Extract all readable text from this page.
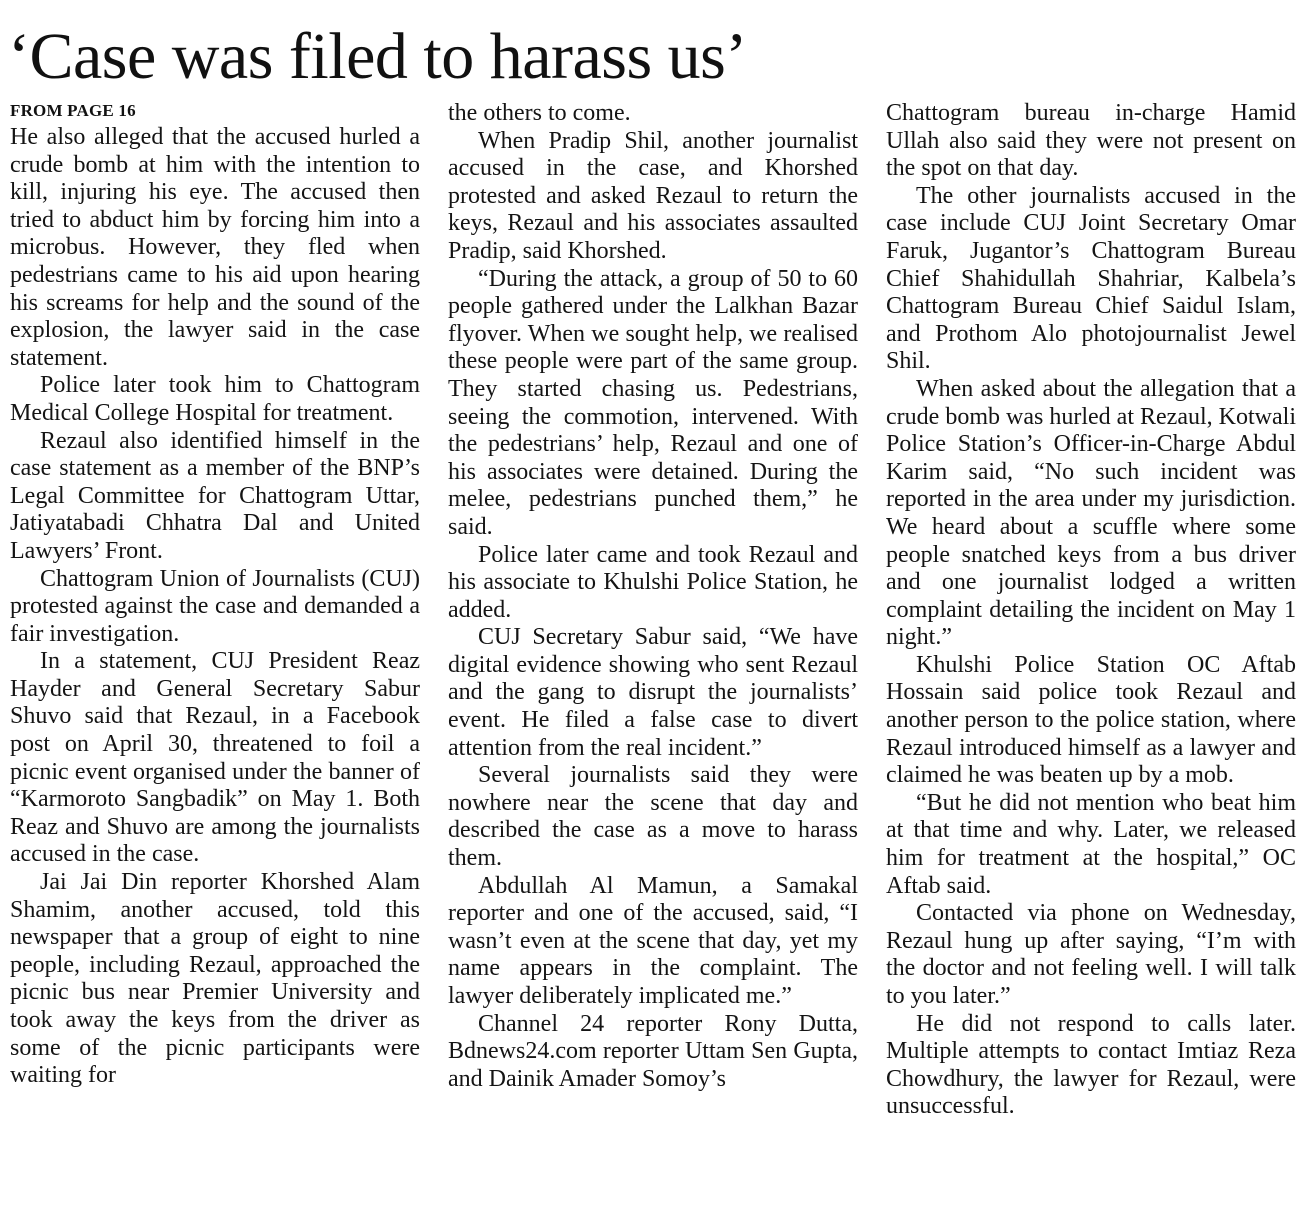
‘Case was filed to harass us’
FROM PAGE 16

He also alleged that the accused hurled a crude bomb at him with the intention to kill, injuring his eye. The accused then tried to abduct him by forcing him into a microbus. However, they fled when pedestrians came to his aid upon hearing his screams for help and the sound of the explosion, the lawyer said in the case statement.

Police later took him to Chattogram Medical College Hospital for treatment.

Rezaul also identified himself in the case statement as a member of the BNP’s Legal Committee for Chattogram Uttar, Jatiyatabadi Chhatra Dal and United Lawyers’ Front.

Chattogram Union of Journalists (CUJ) protested against the case and demanded a fair investigation.

In a statement, CUJ President Reaz Hayder and General Secretary Sabur Shuvo said that Rezaul, in a Facebook post on April 30, threatened to foil a picnic event organised under the banner of “Karmoroto Sangbadik” on May 1. Both Reaz and Shuvo are among the journalists accused in the case.

Jai Jai Din reporter Khorshed Alam Shamim, another accused, told this newspaper that a group of eight to nine people, including Rezaul, approached the picnic bus near Premier University and took away the keys from the driver as some of the picnic participants were waiting for

the others to come.

When Pradip Shil, another journalist accused in the case, and Khorshed protested and asked Rezaul to return the keys, Rezaul and his associates assaulted Pradip, said Khorshed.

“During the attack, a group of 50 to 60 people gathered under the Lalkhan Bazar flyover. When we sought help, we realised these people were part of the same group. They started chasing us. Pedestrians, seeing the commotion, intervened. With the pedestrians’ help, Rezaul and one of his associates were detained. During the melee, pedestrians punched them,” he said.

Police later came and took Rezaul and his associate to Khulshi Police Station, he added.

CUJ Secretary Sabur said, “We have digital evidence showing who sent Rezaul and the gang to disrupt the journalists’ event. He filed a false case to divert attention from the real incident.”

Several journalists said they were nowhere near the scene that day and described the case as a move to harass them.

Abdullah Al Mamun, a Samakal reporter and one of the accused, said, “I wasn’t even at the scene that day, yet my name appears in the complaint. The lawyer deliberately implicated me.”

Channel 24 reporter Rony Dutta, Bdnews24.com reporter Uttam Sen Gupta, and Dainik Amader Somoy’s

Chattogram bureau in-charge Hamid Ullah also said they were not present on the spot on that day.

The other journalists accused in the case include CUJ Joint Secretary Omar Faruk, Jugantor’s Chattogram Bureau Chief Shahidullah Shahriar, Kalbela’s Chattogram Bureau Chief Saidul Islam, and Prothom Alo photojournalist Jewel Shil.

When asked about the allegation that a crude bomb was hurled at Rezaul, Kotwali Police Station’s Officer-in-Charge Abdul Karim said, “No such incident was reported in the area under my jurisdiction. We heard about a scuffle where some people snatched keys from a bus driver and one journalist lodged a written complaint detailing the incident on May 1 night.”

Khulshi Police Station OC Aftab Hossain said police took Rezaul and another person to the police station, where Rezaul introduced himself as a lawyer and claimed he was beaten up by a mob.

“But he did not mention who beat him at that time and why. Later, we released him for treatment at the hospital,” OC Aftab said.

Contacted via phone on Wednesday, Rezaul hung up after saying, “I’m with the doctor and not feeling well. I will talk to you later.”

He did not respond to calls later. Multiple attempts to contact Imtiaz Reza Chowdhury, the lawyer for Rezaul, were unsuccessful.
